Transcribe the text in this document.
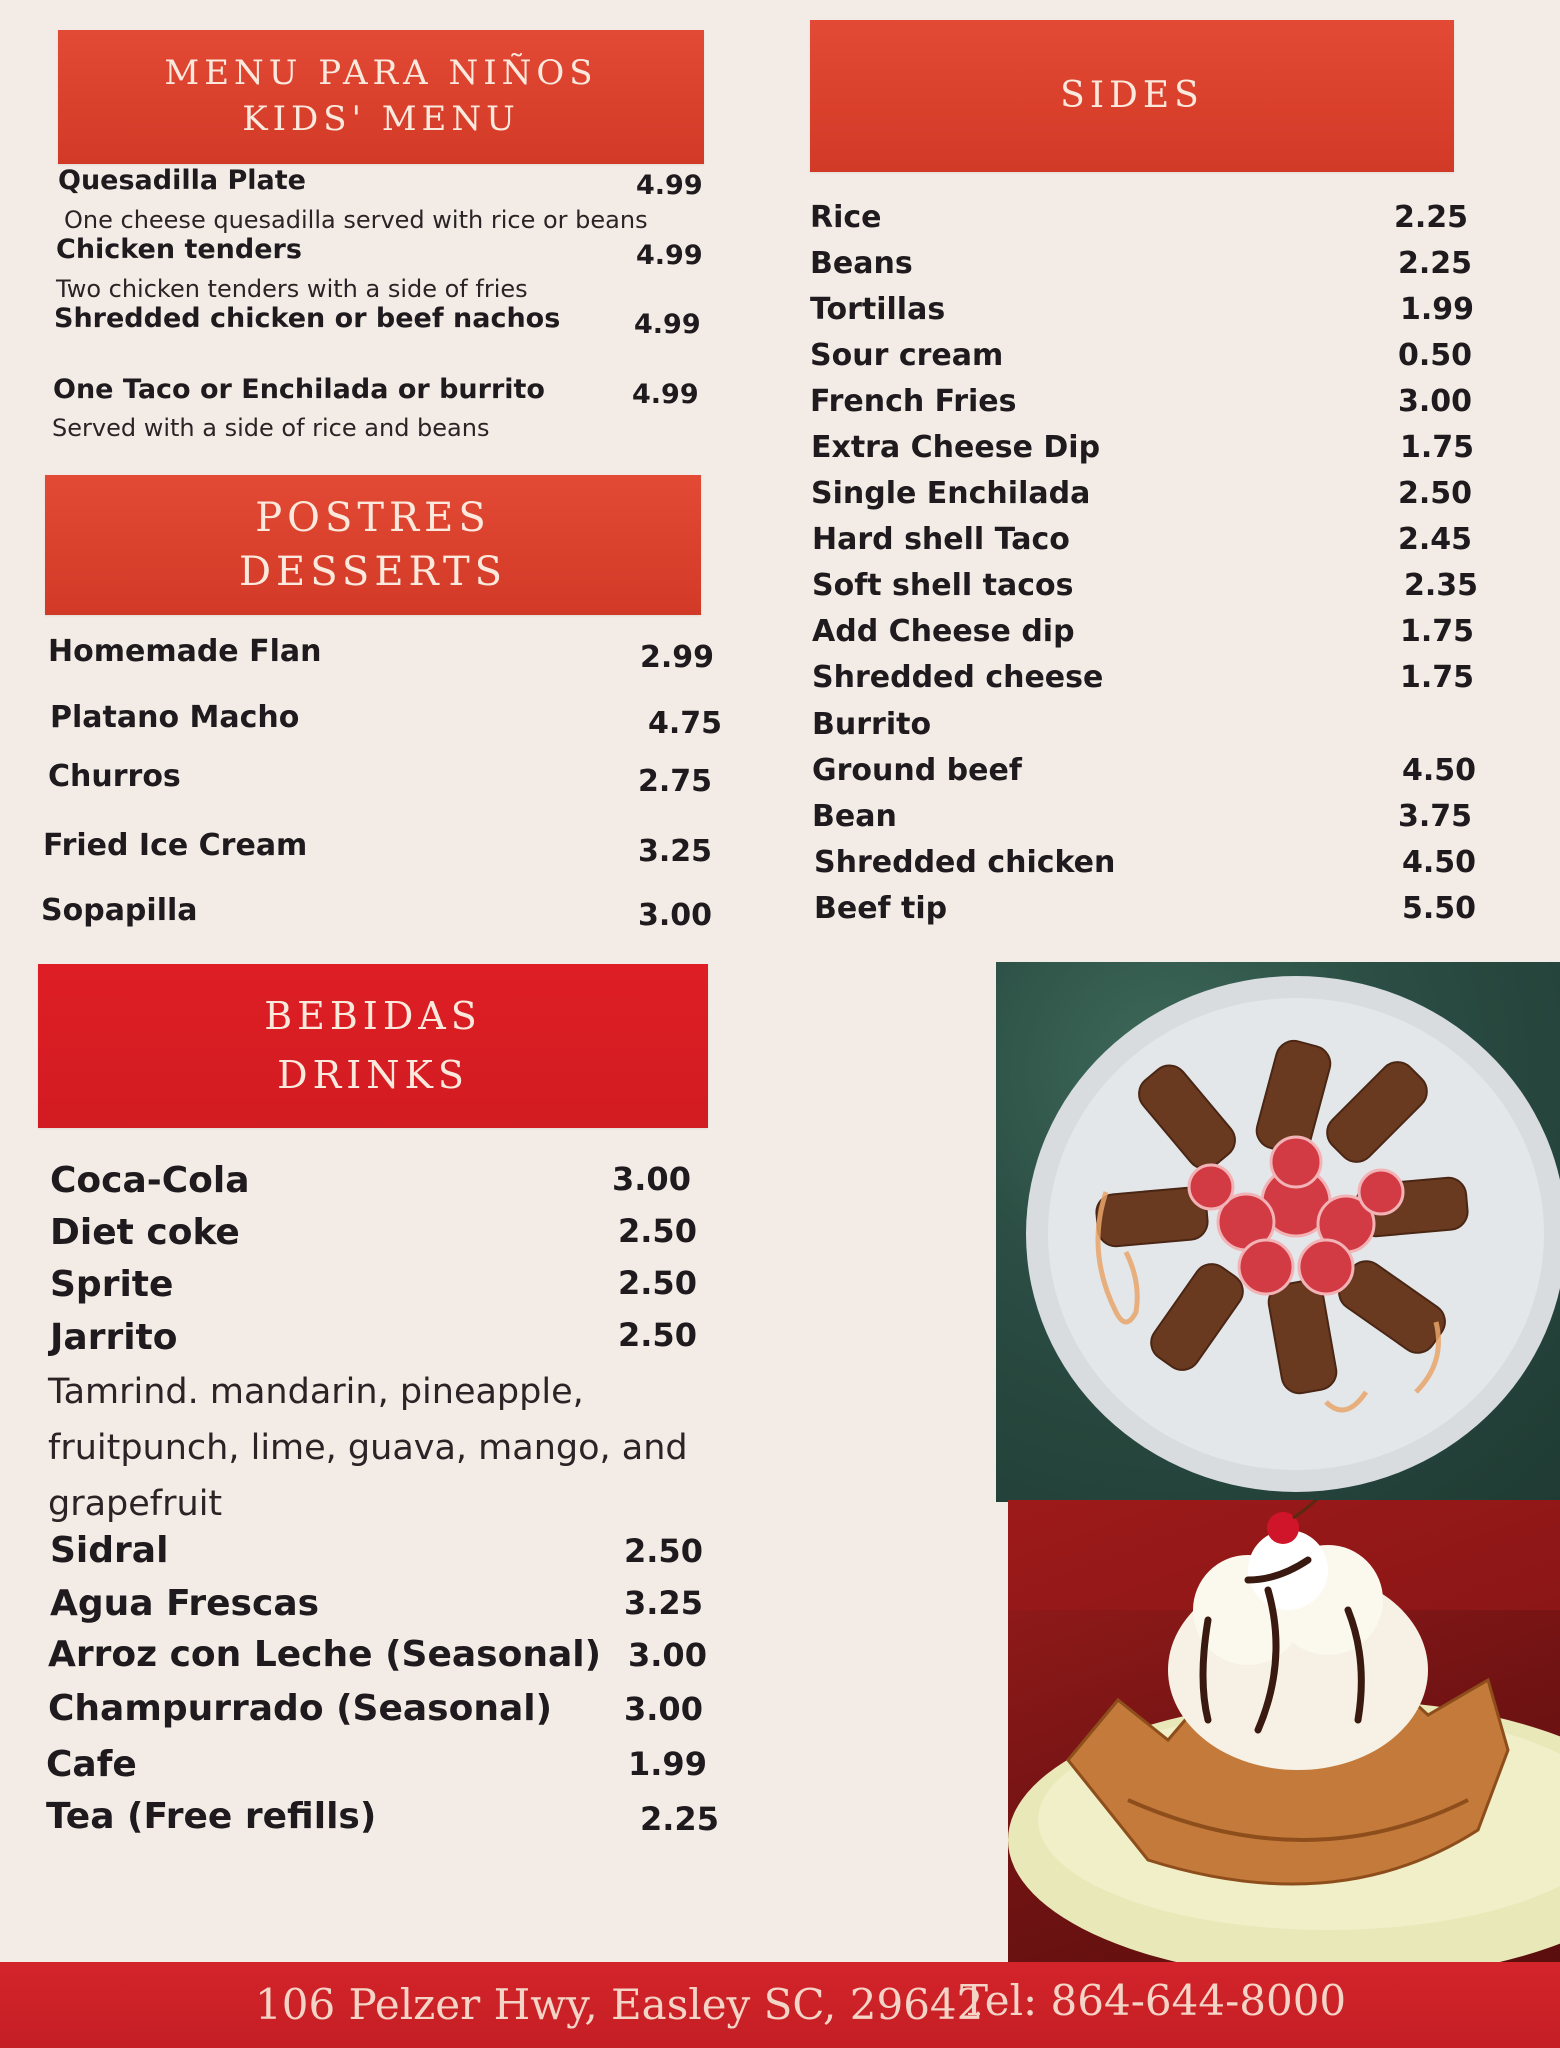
MENU PARA NIÑOS
KIDS' MENU
Quesadilla Plate	4.99
One cheese quesadilla served with rice or beans
Chicken tenders	4.99
Two chicken tenders with a side of fries
Shredded chicken or beef nachos	4.99
One Taco or Enchilada or burrito	4.99
Served with a side of rice and beans
POSTRES
DESSERTS
Homemade Flan	2.99
Platano Macho	4.75
Churros	2.75
Fried Ice Cream	3.25
Sopapilla	3.00
BEBIDAS
DRINKS
Coca-Cola	3.00
Diet coke	2.50
Sprite	2.50
Jarrito	2.50
Tamrind. mandarin, pineapple, fruitpunch, lime, guava, mango, and grapefruit
Sidral	2.50
Agua Frescas	3.25
Arroz con Leche (Seasonal) 3.00
Champurrado (Seasonal) 3.00
Cafe	1.99
Tea (Free refills)	2.25
SIDES
Rice	2.25
Beans	2.25
Tortillas	1.99
Sour cream	0.50
French Fries	3.00
Extra Cheese Dip	1.75
Single Enchilada	2.50
Hard shell Taco	2.45
Soft shell tacos	2.35
Add Cheese dip	1.75
Shredded cheese	1.75
Burrito
Ground beef	4.50
Bean	3.75
Shredded chicken	4.50
Beef tip	5.50
106 Pelzer Hwy, Easley SC, 29642
Tel: 864-644-8000
